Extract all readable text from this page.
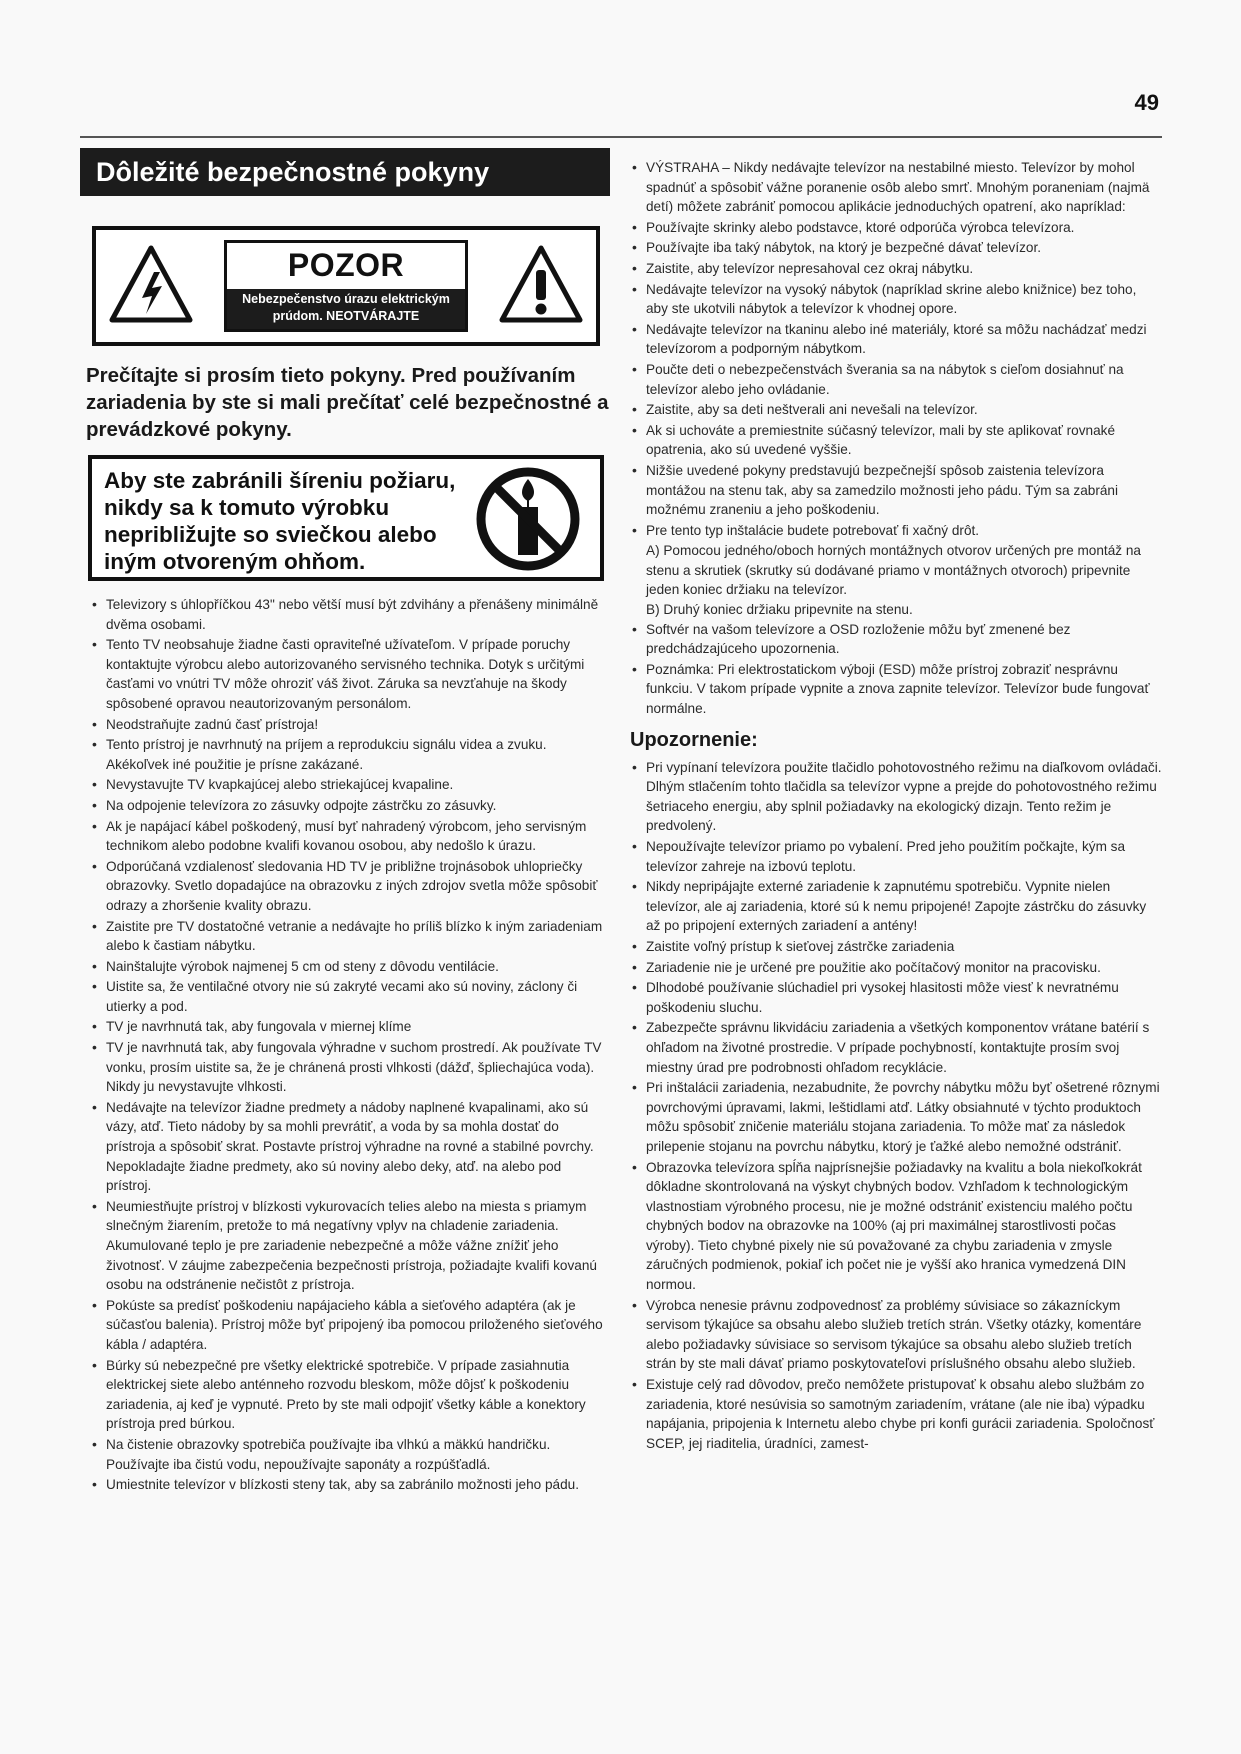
49
Dôležité bezpečnostné pokyny
POZOR
Nebezpečenstvo úrazu elektrickým prúdom. NEOTVÁRAJTE
Prečítajte si prosím tieto pokyny. Pred používaním zariadenia by ste si mali prečítať celé bezpečnostné a prevádzkové pokyny.
Aby ste zabránili šíreniu požiaru, nikdy sa k tomuto výrobku nepribližujte so sviečkou alebo iným otvoreným ohňom.
• Televizory s úhlopříčkou 43" nebo větší musí být zdvihány a přenášeny minimálně dvěma osobami.
• Tento TV neobsahuje žiadne časti opraviteľné užívateľom. V prípade poruchy kontaktujte výrobcu alebo autorizovaného servisného technika. Dotyk s určitými časťami vo vnútri TV môže ohroziť váš život. Záruka sa nevzťahuje na škody spôsobené opravou neautorizovaným personálom.
• Neodstraňujte zadnú časť prístroja!
• Tento prístroj je navrhnutý na príjem a reprodukciu signálu videa a zvuku. Akékoľvek iné použitie je prísne zakázané.
• Nevystavujte TV kvapkajúcej alebo striekajúcej kvapaline.
• Na odpojenie televízora zo zásuvky odpojte zástrčku zo zásuvky.
• Ak je napájací kábel poškodený, musí byť nahradený výrobcom, jeho servisným technikom alebo podobne kvalifi kovanou osobou, aby nedošlo k úrazu.
• Odporúčaná vzdialenosť sledovania HD TV je približne trojnásobok uhlopriečky obrazovky. Svetlo dopadajúce na obrazovku z iných zdrojov svetla môže spôsobiť odrazy a zhoršenie kvality obrazu.
• Zaistite pre TV dostatočné vetranie a nedávajte ho príliš blízko k iným zariadeniam alebo k častiam nábytku.
• Nainštalujte výrobok najmenej 5 cm od steny z dôvodu ventilácie.
• Uistite sa, že ventilačné otvory nie sú zakryté vecami ako sú noviny, záclony či utierky a pod.
• TV je navrhnutá tak, aby fungovala v miernej klíme
• TV je navrhnutá tak, aby fungovala výhradne v suchom prostredí. Ak používate TV vonku, prosím uistite sa, že je chránená prosti vlhkosti (dážď, špliechajúca voda). Nikdy ju nevystavujte vlhkosti.
• Nedávajte na televízor žiadne predmety a nádoby naplnené kvapalinami, ako sú vázy, atď. Tieto nádoby by sa mohli prevrátiť, a voda by sa mohla dostať do prístroja a spôsobiť skrat. Postavte prístroj výhradne na rovné a stabilné povrchy. Nepokladajte žiadne predmety, ako sú noviny alebo deky, atď. na alebo pod prístroj.
• Neumiestňujte prístroj v blízkosti vykurovacích telies alebo na miesta s priamym slnečným žiarením, pretože to má negatívny vplyv na chladenie zariadenia. Akumulované teplo je pre zariadenie nebezpečné a môže vážne znížiť jeho životnosť. V záujme zabezpečenia bezpečnosti prístroja, požiadajte kvalifi kovanú osobu na odstránenie nečistôt z prístroja.
• Pokúste sa predísť poškodeniu napájacieho kábla a sieťového adaptéra (ak je súčasťou balenia). Prístroj môže byť pripojený iba pomocou priloženého sieťového kábla / adaptéra.
• Búrky sú nebezpečné pre všetky elektrické spotrebiče. V prípade zasiahnutia elektrickej siete alebo anténneho rozvodu bleskom, môže dôjsť k poškodeniu zariadenia, aj keď je vypnuté. Preto by ste mali odpojiť všetky káble a konektory prístroja pred búrkou.
• Na čistenie obrazovky spotrebiča používajte iba vlhkú a mäkkú handričku. Používajte iba čistú vodu, nepoužívajte saponáty a rozpúšťadlá.
• Umiestnite televízor v blízkosti steny tak, aby sa zabránilo možnosti jeho pádu.
• VÝSTRAHA – Nikdy nedávajte televízor na nestabilné miesto. Televízor by mohol spadnúť a spôsobiť vážne poranenie osôb alebo smrť. Mnohým poraneniam (najmä detí) môžete zabrániť pomocou aplikácie jednoduchých opatrení, ako napríklad:
• Používajte skrinky alebo podstavce, ktoré odporúča výrobca televízora.
• Používajte iba taký nábytok, na ktorý je bezpečné dávať televízor.
• Zaistite, aby televízor nepresahoval cez okraj nábytku.
• Nedávajte televízor na vysoký nábytok (napríklad skrine alebo knižnice) bez toho, aby ste ukotvili nábytok a televízor k vhodnej opore.
• Nedávajte televízor na tkaninu alebo iné materiály, ktoré sa môžu nachádzať medzi televízorom a podporným nábytkom.
• Poučte deti o nebezpečenstvách šverania sa na nábytok s cieľom dosiahnuť na televízor alebo jeho ovládanie.
• Zaistite, aby sa deti neštverali ani nevešali na televízor.
• Ak si uchováte a premiestnite súčasný televízor, mali by ste aplikovať rovnaké opatrenia, ako sú uvedené vyššie.
• Nižšie uvedené pokyny predstavujú bezpečnejší spôsob zaistenia televízora montážou na stenu tak, aby sa zamedzilo možnosti jeho pádu. Tým sa zabráni možnému zraneniu a jeho poškodeniu.
• Pre tento typ inštalácie budete potrebovať fi xačný drôt.
A) Pomocou jedného/oboch horných montážnych otvorov určených pre montáž na stenu a skrutiek (skrutky sú dodávané priamo v montážnych otvoroch) pripevnite jeden koniec držiaku na televízor.
B) Druhý koniec držiaku pripevnite na stenu.
• Softvér na vašom televízore a OSD rozloženie môžu byť zmenené bez predchádzajúceho upozornenia.
• Poznámka: Pri elektrostatickom výboji (ESD) môže prístroj zobraziť nesprávnu funkciu. V takom prípade vypnite a znova zapnite televízor. Televízor bude fungovať normálne.
Upozornenie:
• Pri vypínaní televízora použite tlačidlo pohotovostného režimu na diaľkovom ovládači. Dlhým stlačením tohto tlačidla sa televízor vypne a prejde do pohotovostného režimu šetriaceho energiu, aby splnil požiadavky na ekologický dizajn. Tento režim je predvolený.
• Nepoužívajte televízor priamo po vybalení. Pred jeho použitím počkajte, kým sa televízor zahreje na izbovú teplotu.
• Nikdy nepripájajte externé zariadenie k zapnutému spotrebiču. Vypnite nielen televízor, ale aj zariadenia, ktoré sú k nemu pripojené! Zapojte zástrčku do zásuvky až po pripojení externých zariadení a antény!
• Zaistite voľný prístup k sieťovej zástrčke zariadenia
• Zariadenie nie je určené pre použitie ako počítačový monitor na pracovisku.
• Dlhodobé používanie slúchadiel pri vysokej hlasitosti môže viesť k nevratnému poškodeniu sluchu.
• Zabezpečte správnu likvidáciu zariadenia a všetkých komponentov vrátane batérií s ohľadom na životné prostredie. V prípade pochybností, kontaktujte prosím svoj miestny úrad pre podrobnosti ohľadom recyklácie.
• Pri inštalácii zariadenia, nezabudnite, že povrchy nábytku môžu byť ošetrené rôznymi povrchovými úpravami, lakmi, leštidlami atď. Látky obsiahnuté v týchto produktoch môžu spôsobiť zničenie materiálu stojana zariadenia. To môže mať za následok prilepenie stojanu na povrchu nábytku, ktorý je ťažké alebo nemožné odstrániť.
• Obrazovka televízora spĺňa najprísnejšie požiadavky na kvalitu a bola niekoľkokrát dôkladne skontrolovaná na výskyt chybných bodov. Vzhľadom k technologickým vlastnostiam výrobného procesu, nie je možné odstrániť existenciu malého počtu chybných bodov na obrazovke na 100% (aj pri maximálnej starostlivosti počas výroby). Tieto chybné pixely nie sú považované za chybu zariadenia v zmysle záručných podmienok, pokiaľ ich počet nie je vyšší ako hranica vymedzená DIN normou.
• Výrobca nenesie právnu zodpovednosť za problémy súvisiace so zákazníckym servisom týkajúce sa obsahu alebo služieb tretích strán. Všetky otázky, komentáre alebo požiadavky súvisiace so servisom týkajúce sa obsahu alebo služieb tretích strán by ste mali dávať priamo poskytovateľovi príslušného obsahu alebo služieb.
• Existuje celý rad dôvodov, prečo nemôžete pristupovať k obsahu alebo službám zo zariadenia, ktoré nesúvisia so samotným zariadením, vrátane (ale nie iba) výpadku napájania, pripojenia k Internetu alebo chybe pri konfi gurácii zariadenia. Spoločnosť SCEP, jej riaditelia, úradníci, zamest-
